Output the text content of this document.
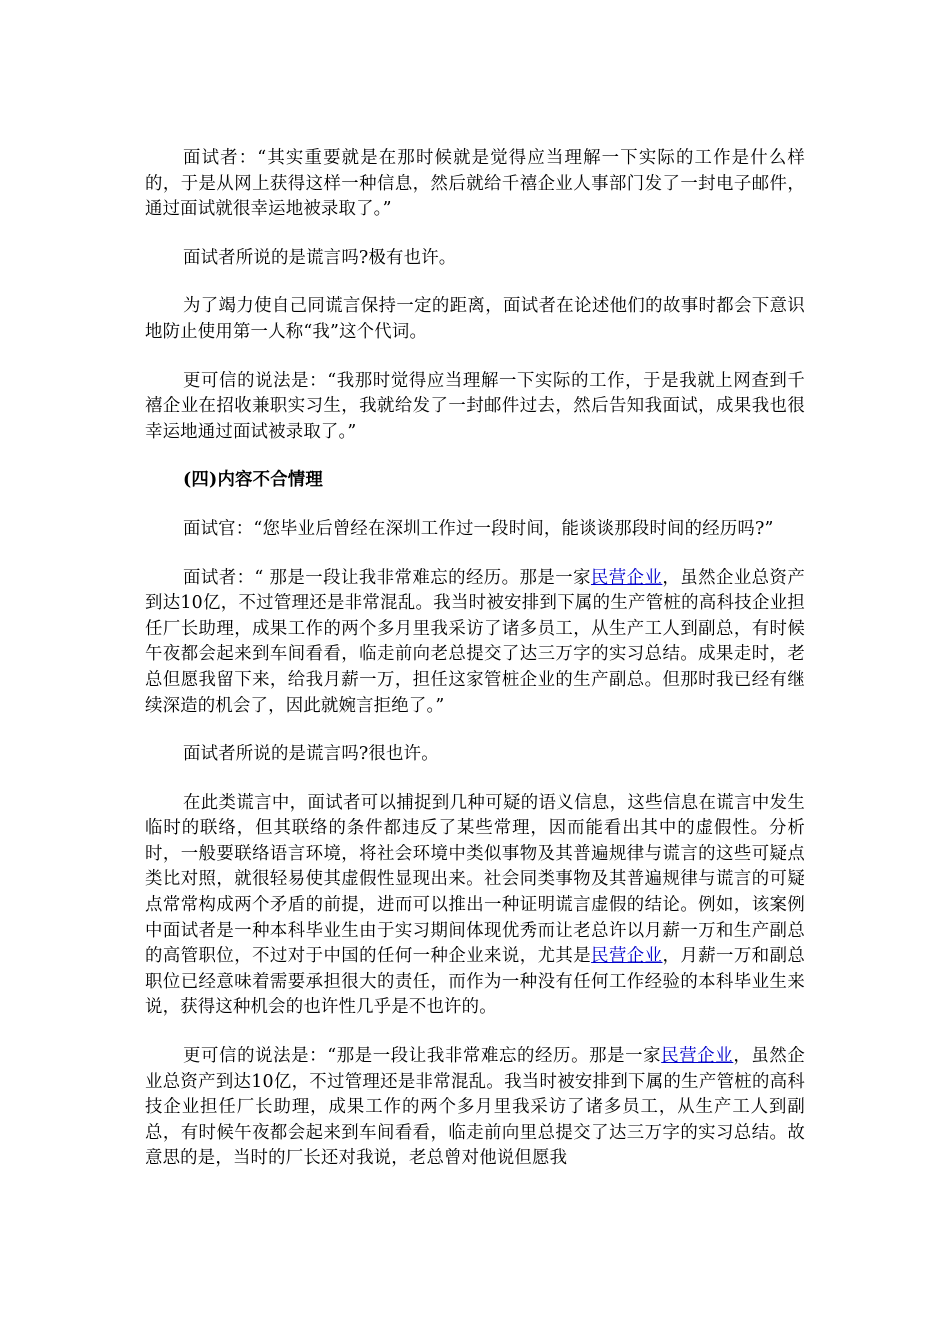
面试者：“其实重要就是在那时候就是觉得应当理解一下实际的工作是什么样的，于是从网上获得这样一种信息，然后就给千禧企业人事部门发了一封电子邮件，通过面试就很幸运地被录取了。”

面试者所说的是谎言吗?极有也许。

为了竭力使自己同谎言保持一定的距离，面试者在论述他们的故事时都会下意识地防止使用第一人称“我”这个代词。

更可信的说法是：“我那时觉得应当理解一下实际的工作，于是我就上网查到千禧企业在招收兼职实习生，我就给发了一封邮件过去，然后告知我面试，成果我也很幸运地通过面试被录取了。”

(四)内容不合情理

面试官：“您毕业后曾经在深圳工作过一段时间，能谈谈那段时间的经历吗?”

面试者：“ 那是一段让我非常难忘的经历。那是一家民营企业，虽然企业总资产到达10亿，不过管理还是非常混乱。我当时被安排到下属的生产管桩的高科技企业担任厂长助理，成果工作的两个多月里我采访了诸多员工，从生产工人到副总，有时候午夜都会起来到车间看看，临走前向老总提交了达三万字的实习总结。成果走时，老总但愿我留下来，给我月薪一万，担任这家管桩企业的生产副总。但那时我已经有继续深造的机会了，因此就婉言拒绝了。”

面试者所说的是谎言吗?很也许。

在此类谎言中，面试者可以捕捉到几种可疑的语义信息，这些信息在谎言中发生临时的联络，但其联络的条件都违反了某些常理，因而能看出其中的虚假性。分析时，一般要联络语言环境，将社会环境中类似事物及其普遍规律与谎言的这些可疑点类比对照，就很轻易使其虚假性显现出来。社会同类事物及其普遍规律与谎言的可疑点常常构成两个矛盾的前提，进而可以推出一种证明谎言虚假的结论。例如，该案例中面试者是一种本科毕业生由于实习期间体现优秀而让老总许以月薪一万和生产副总的高管职位，不过对于中国的任何一种企业来说，尤其是民营企业，月薪一万和副总职位已经意味着需要承担很大的责任，而作为一种没有任何工作经验的本科毕业生来说，获得这种机会的也许性几乎是不也许的。

更可信的说法是：“那是一段让我非常难忘的经历。那是一家民营企业，虽然企业总资产到达10亿，不过管理还是非常混乱。我当时被安排到下属的生产管桩的高科技企业担任厂长助理，成果工作的两个多月里我采访了诸多员工，从生产工人到副总，有时候午夜都会起来到车间看看，临走前向里总提交了达三万字的实习总结。故意思的是，当时的厂长还对我说，老总曾对他说但愿我
